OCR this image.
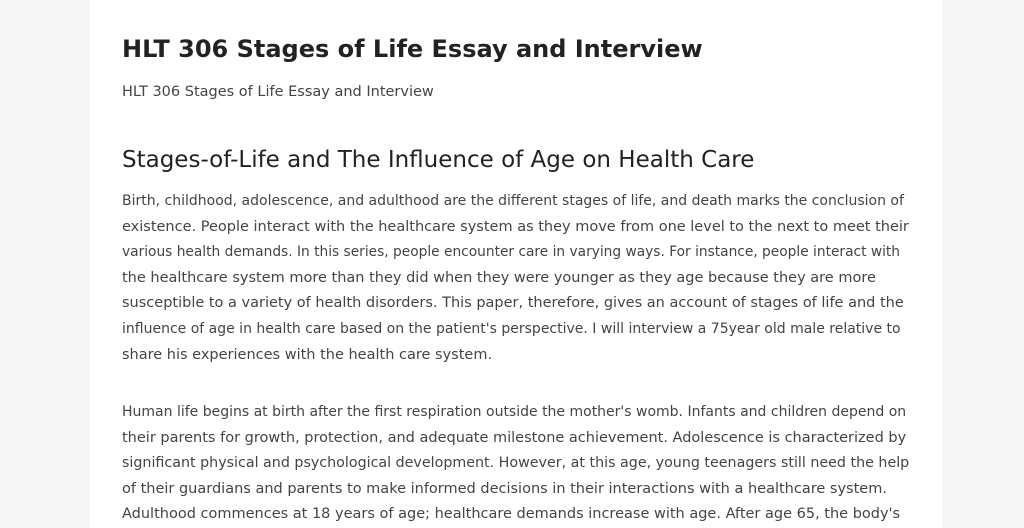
HLT 306 Stages of Life Essay and Interview
HLT 306 Stages of Life Essay and Interview
Stages-of-Life and The Influence of Age on Health Care

Birth, childhood, adolescence, and adulthood are the different stages of life, and death marks the conclusion of
existence. People interact with the healthcare system as they move from one level to the next to meet their
various health demands. In this series, people encounter care in varying ways. For instance, people interact with
the healthcare system more than they did when they were younger as they age because they are more
susceptible to a variety of health disorders. This paper, therefore, gives an account of stages of life and the
influence of age in health care based on the patient's perspective. I will interview a 75year old male relative to
share his experiences with the health care system.

Human life begins at birth after the first respiration outside the mother's womb. Infants and children depend on
their parents for growth, protection, and adequate milestone achievement. Adolescence is characterized by
significant physical and psychological development. However, at this age, young teenagers still need the help
of their guardians and parents to make informed decisions in their interactions with a healthcare system.
Adulthood commences at 18 years of age; healthcare demands increase with age. After age 65, the body's
